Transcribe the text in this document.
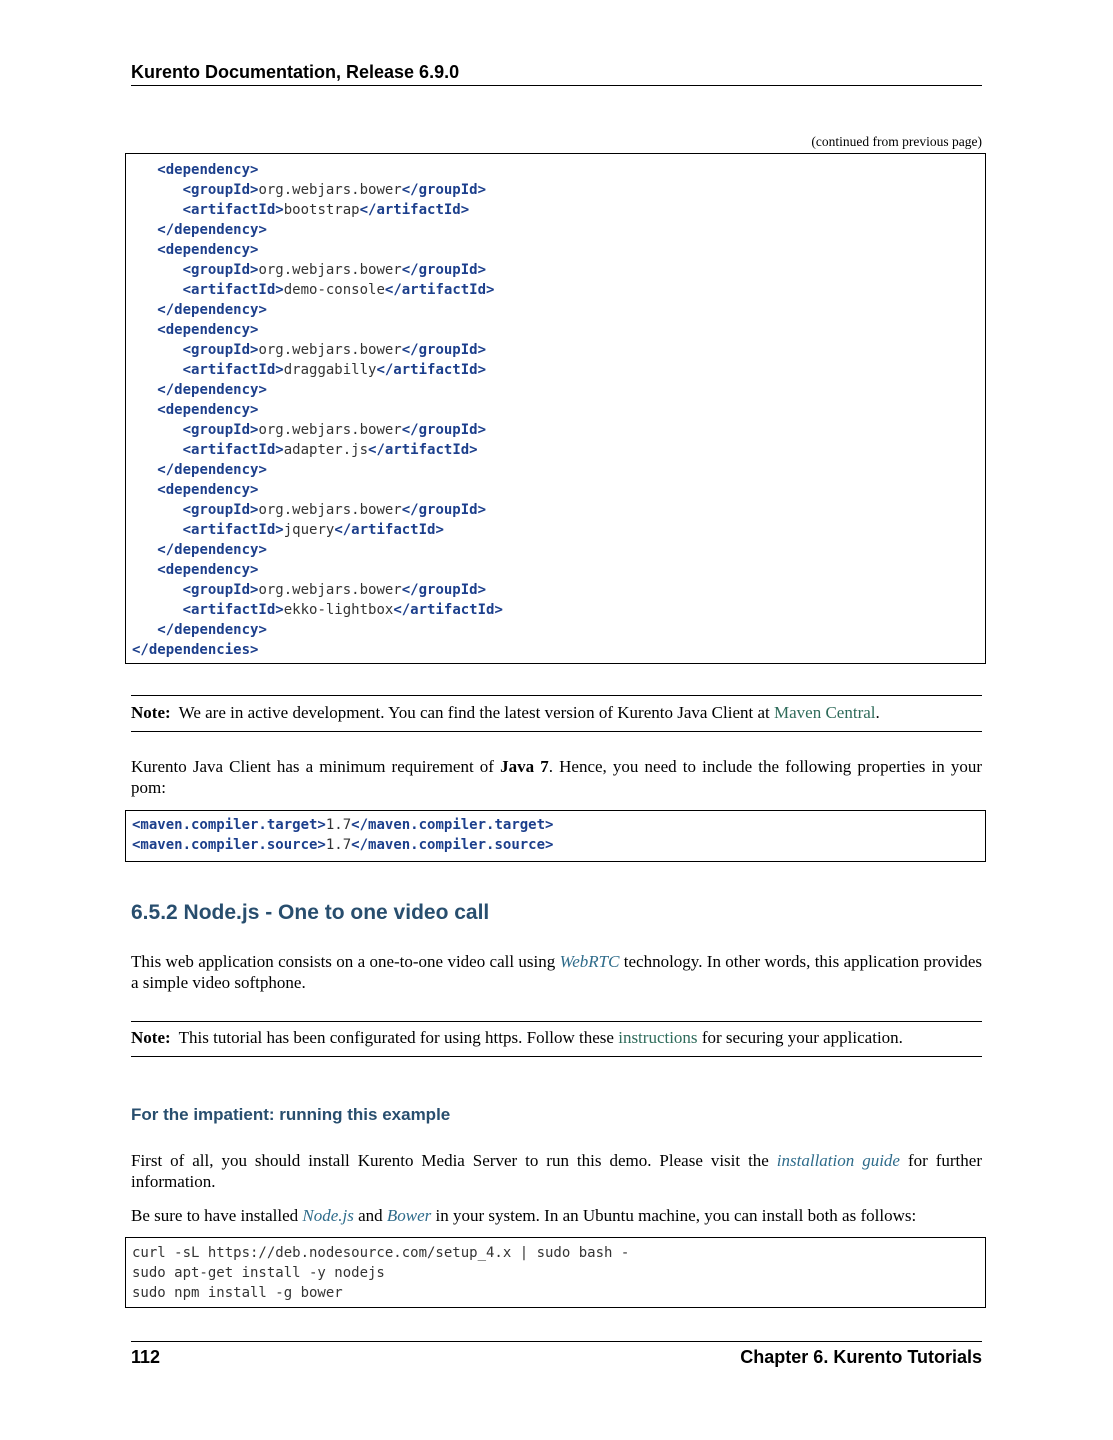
Kurento Documentation, Release 6.9.0
(continued from previous page)
<dependency>
<groupId>org.webjars.bower</groupId>
<artifactId>bootstrap</artifactId>
</dependency>
<dependency>
<groupId>org.webjars.bower</groupId>
<artifactId>demo-console</artifactId>
</dependency>
<dependency>
<groupId>org.webjars.bower</groupId>
<artifactId>draggabilly</artifactId>
</dependency>
<dependency>
<groupId>org.webjars.bower</groupId>
<artifactId>adapter.js</artifactId>
</dependency>
<dependency>
<groupId>org.webjars.bower</groupId>
<artifactId>jquery</artifactId>
</dependency>
<dependency>
<groupId>org.webjars.bower</groupId>
<artifactId>ekko-lightbox</artifactId>
</dependency>
</dependencies>
Note: We are in active development. You can find the latest version of Kurento Java Client at Maven Central.
Kurento Java Client has a minimum requirement of Java 7. Hence, you need to include the following properties in your pom:
<maven.compiler.target>1.7</maven.compiler.target>
<maven.compiler.source>1.7</maven.compiler.source>
6.5.2 Node.js - One to one video call
This web application consists on a one-to-one video call using WebRTC technology. In other words, this application provides a simple video softphone.
Note: This tutorial has been configurated for using https. Follow these instructions for securing your application.
For the impatient: running this example
First of all, you should install Kurento Media Server to run this demo. Please visit the installation guide for further information.
Be sure to have installed Node.js and Bower in your system. In an Ubuntu machine, you can install both as follows:
curl -sL https://deb.nodesource.com/setup_4.x | sudo bash -
sudo apt-get install -y nodejs
sudo npm install -g bower
112	Chapter 6. Kurento Tutorials
